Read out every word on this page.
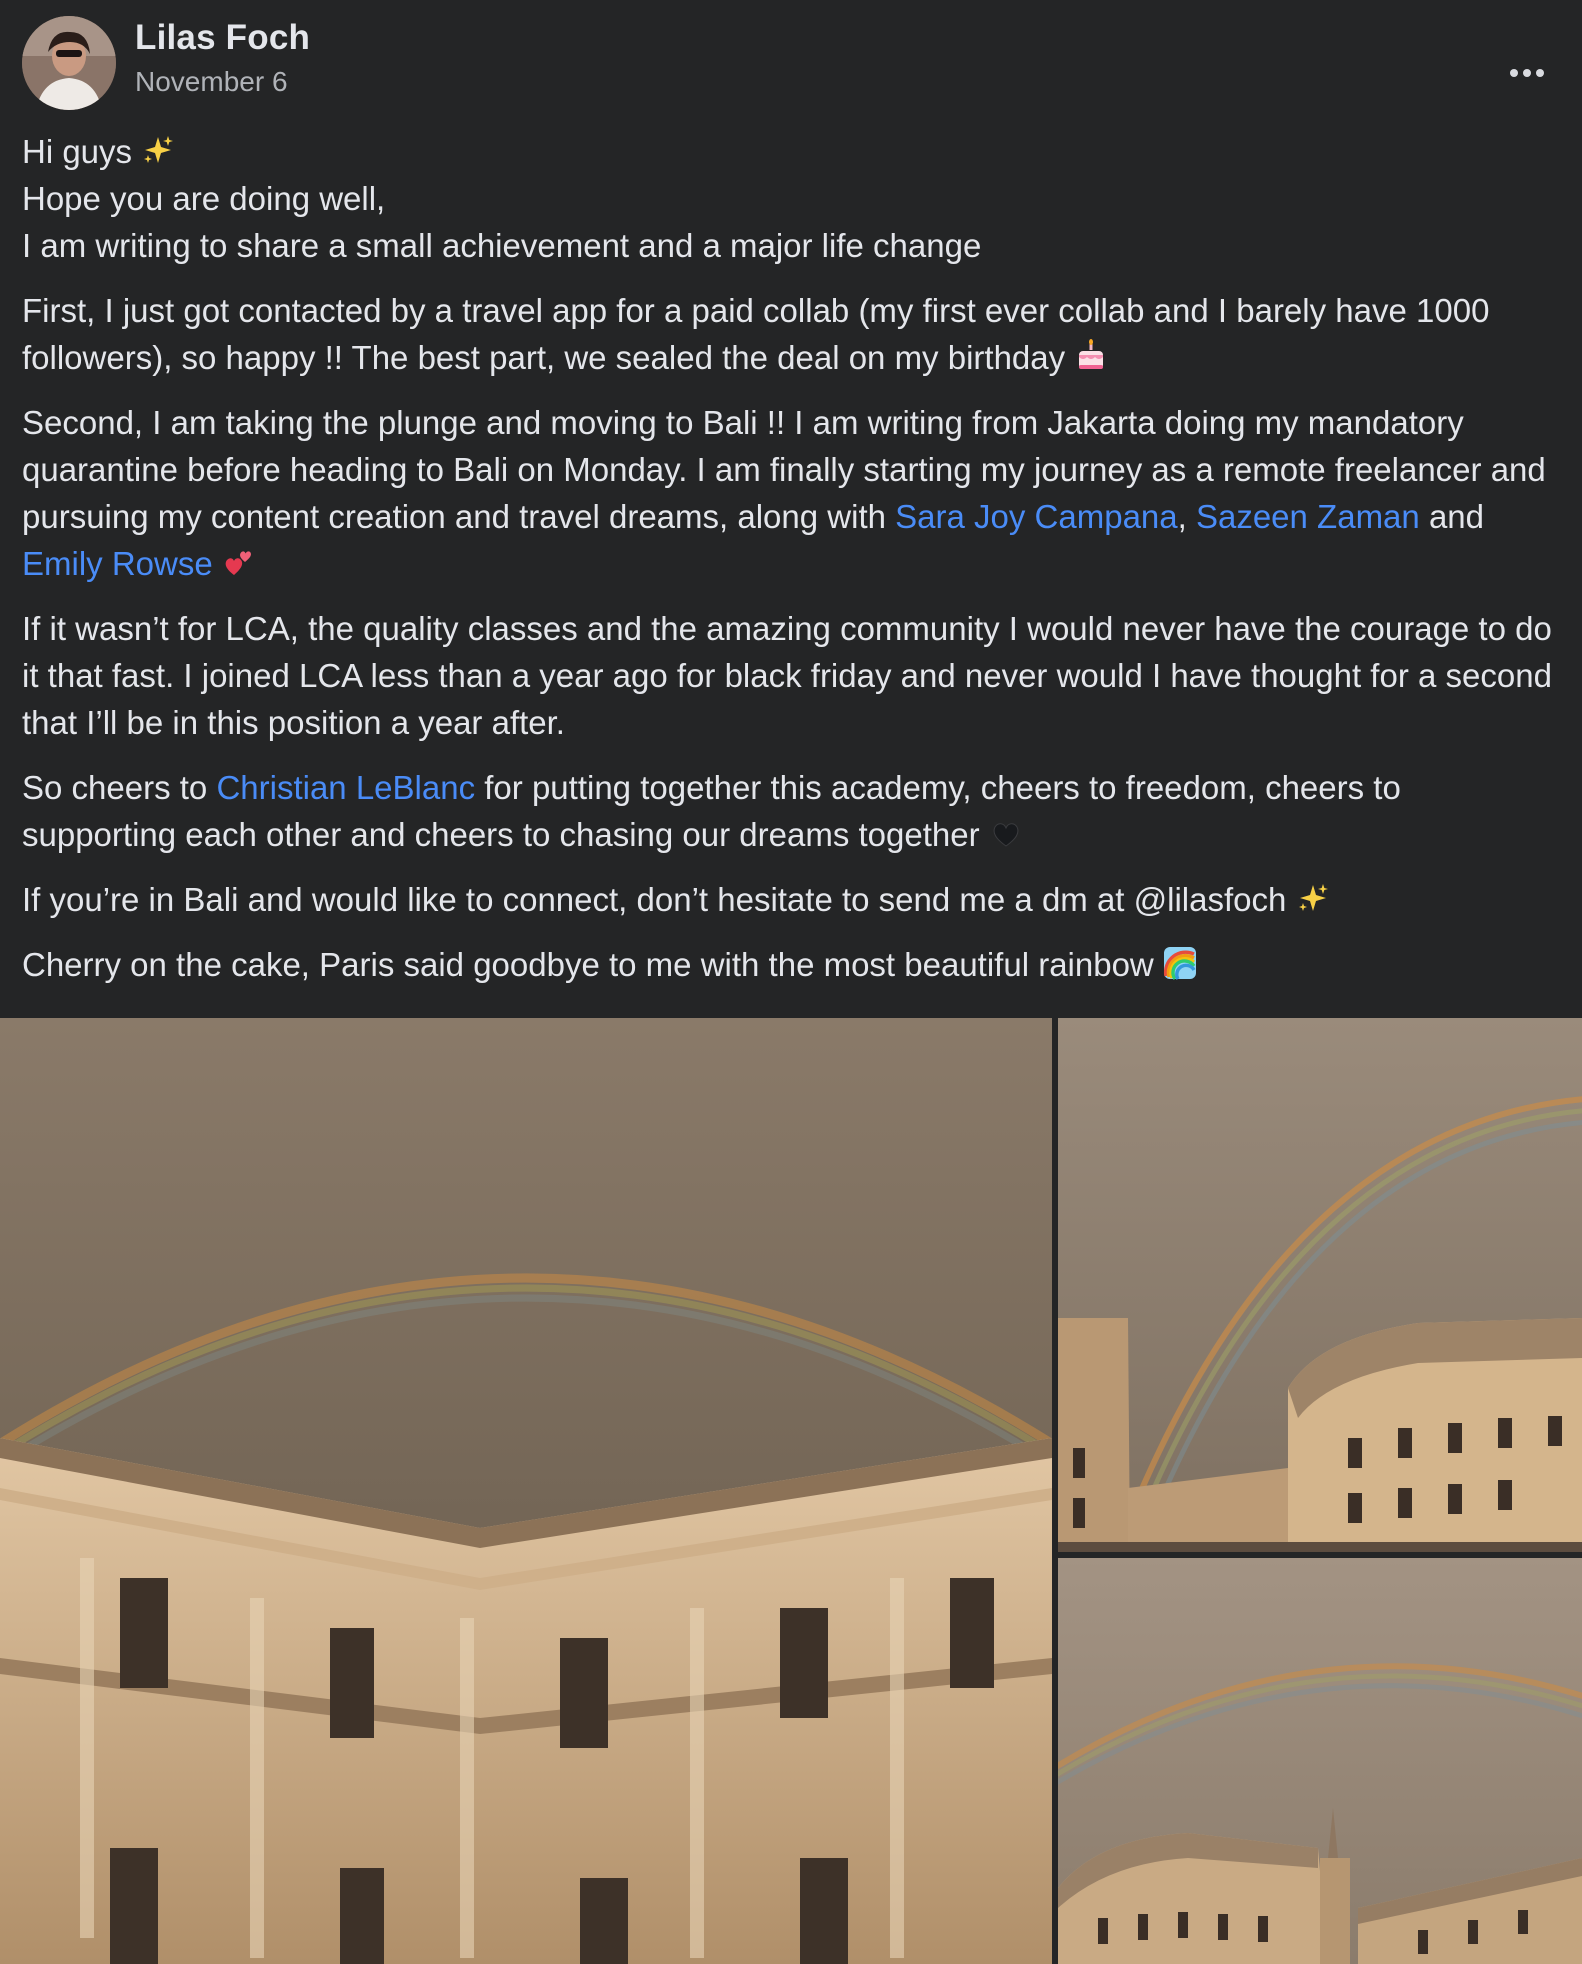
Lilas Foch
November 6

Hi guys
Hope you are doing well,
I am writing to share a small achievement and a major life change

First, I just got contacted by a travel app for a paid collab (my first ever collab and I barely have 1000 followers), so happy !! The best part, we sealed the deal on my birthday

Second, I am taking the plunge and moving to Bali !! I am writing from Jakarta doing my mandatory quarantine before heading to Bali on Monday. I am finally starting my journey as a remote freelancer and pursuing my content creation and travel dreams, along with Sara Joy Campana, Sazeen Zaman and Emily Rowse

If it wasn’t for LCA, the quality classes and the amazing community I would never have the courage to do it that fast. I joined LCA less than a year ago for black friday and never would I have thought for a second that I’ll be in this position a year after.

So cheers to Christian LeBlanc for putting together this academy, cheers to freedom, cheers to supporting each other and cheers to chasing our dreams together

If you’re in Bali and would like to connect, don’t hesitate to send me a dm at @lilasfoch

Cherry on the cake, Paris said goodbye to me with the most beautiful rainbow
